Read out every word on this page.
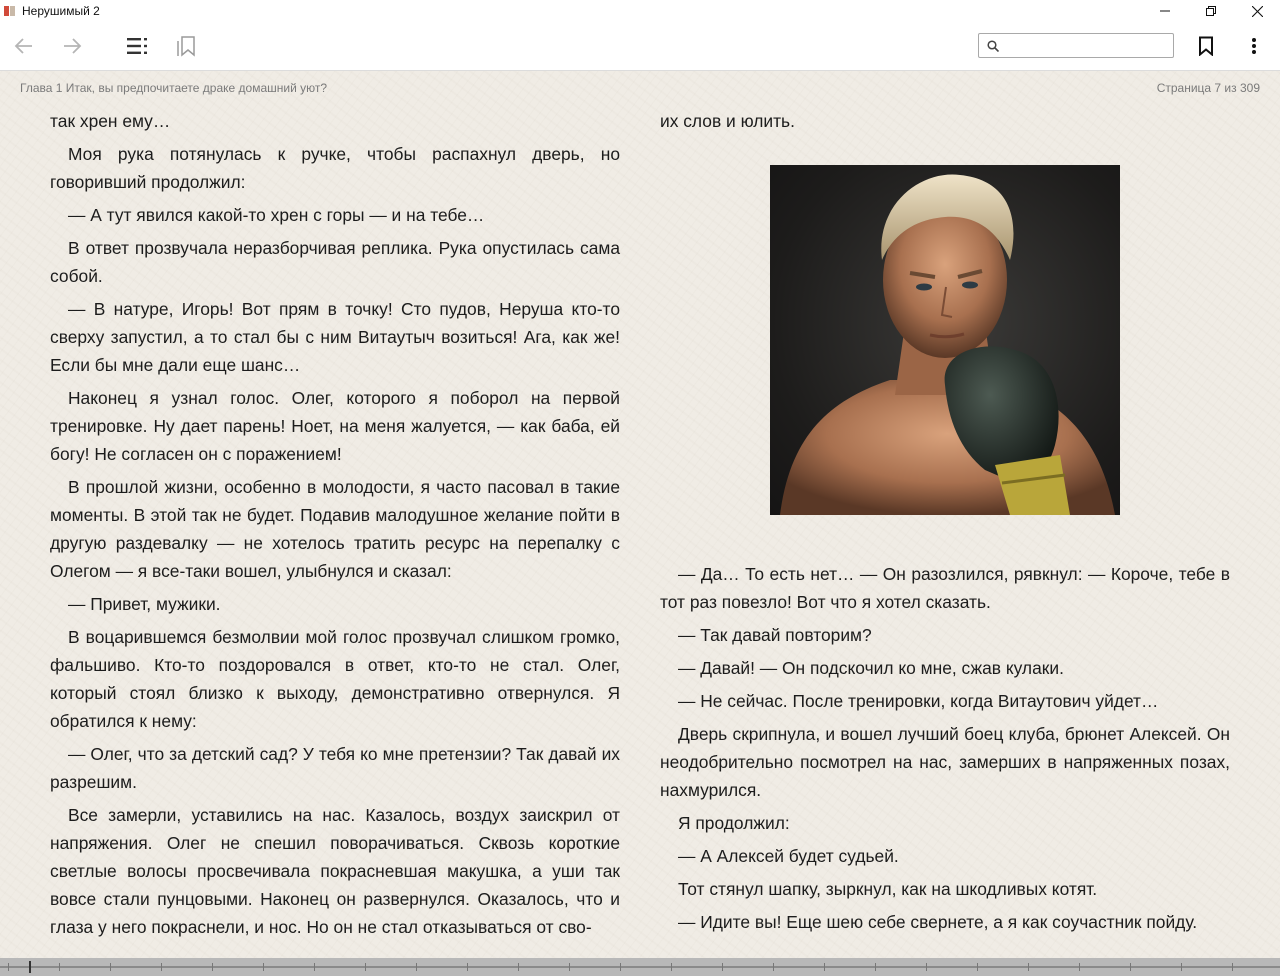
Нерушимый 2
Глава 1 Итак, вы предпочитаете драке домашний уют?	Страница 7 из 309

так хрен ему…

Моя рука потянулась к ручке, чтобы распахнул дверь, но говоривший продолжил:

— А тут явился какой-то хрен с горы — и на тебе…

В ответ прозвучала неразборчивая реплика. Рука опустилась сама собой.

— В натуре, Игорь! Вот прям в точку! Сто пудов, Неруша кто-то сверху запустил, а то стал бы с ним Витаутыч возиться! Ага, как же! Если бы мне дали еще шанс…

Наконец я узнал голос. Олег, которого я поборол на первой тренировке. Ну дает парень! Ноет, на меня жалуется, — как баба, ей богу! Не согласен он с поражением!

В прошлой жизни, особенно в молодости, я часто пасовал в такие моменты. В этой так не будет. Подавив малодушное желание пойти в другую раздевалку — не хотелось тратить ресурс на перепалку с Олегом — я все-таки вошел, улыбнулся и сказал:

— Привет, мужики.

В воцарившемся безмолвии мой голос прозвучал слишком громко, фальшиво. Кто-то поздоровался в ответ, кто-то не стал. Олег, который стоял близко к выходу, демонстративно отвернулся. Я обратился к нему:

— Олег, что за детский сад? У тебя ко мне претензии? Так давай их разрешим.

Все замерли, уставились на нас. Казалось, воздух заискрил от напряжения. Олег не спешил поворачиваться. Сквозь короткие светлые волосы просвечивала покрасневшая макушка, а уши так вовсе стали пунцовыми. Наконец он развернулся. Оказалось, что и глаза у него покраснели, и нос. Но он не стал отказываться от сво-

их слов и юлить.

— Да… То есть нет… — Он разозлился, рявкнул: — Короче, тебе в тот раз повезло! Вот что я хотел сказать.

— Так давай повторим?

— Давай! — Он подскочил ко мне, сжав кулаки.

— Не сейчас. После тренировки, когда Витаутович уйдет…

Дверь скрипнула, и вошел лучший боец клуба, брюнет Алексей. Он неодобрительно посмотрел на нас, замерших в напряженных позах, нахмурился.

Я продолжил:

— А Алексей будет судьей.

Тот стянул шапку, зыркнул, как на шкодливых котят.

— Идите вы! Еще шею себе свернете, а я как соучастник пойду.
